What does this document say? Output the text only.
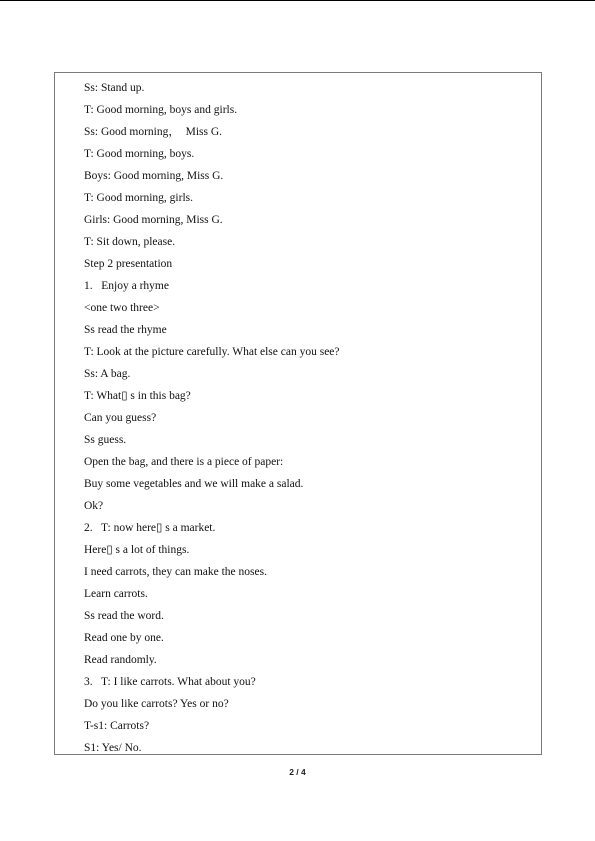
Ss: Stand up.
T: Good morning, boys and girls.
Ss: Good morning，  Miss G.
T: Good morning, boys.
Boys: Good morning, Miss G.
T: Good morning, girls.
Girls: Good morning, Miss G.
T: Sit down, please.
Step 2 presentation
1.   Enjoy a rhyme
<one two three>
Ss read the rhyme
T: Look at the picture carefully. What else can you see?
Ss: A bag.
T: What▯ s in this bag?
Can you guess?
Ss guess.
Open the bag, and there is a piece of paper:
Buy some vegetables and we will make a salad.
Ok?
2.   T: now here▯ s a market.
Here▯ s a lot of things.
I need carrots, they can make the noses.
Learn carrots.
Ss read the word.
Read one by one.
Read randomly.
3.   T: I like carrots. What about you?
Do you like carrots? Yes or no?
T-s1: Carrots?
S1: Yes/ No.
2 / 4
